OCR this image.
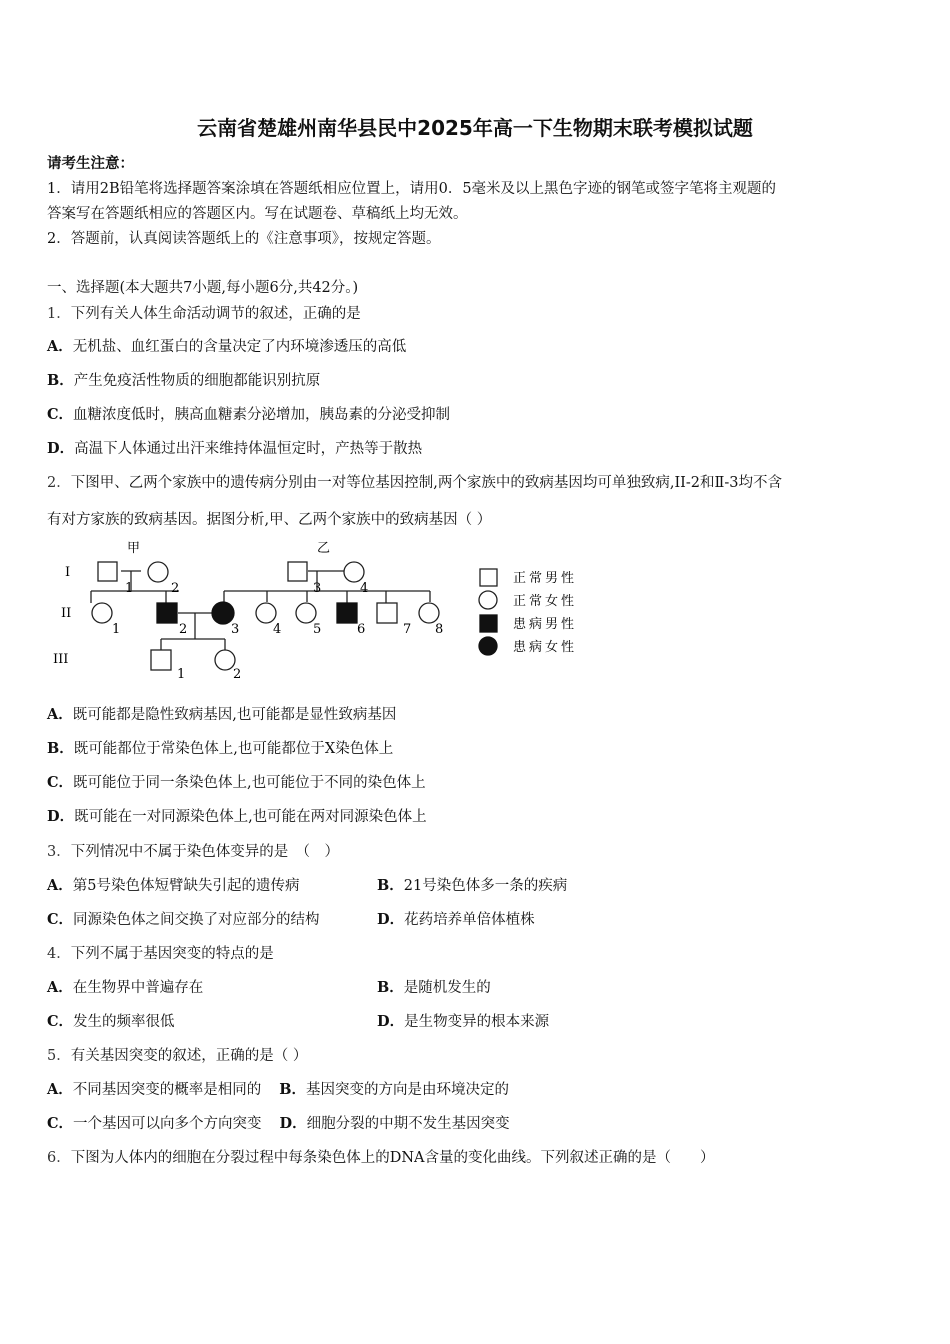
云南省楚雄州南华县民中2025年高一下生物期末联考模拟试题
请考生注意：
1．请用2B铅笔将选择题答案涂填在答题纸相应位置上，请用0．5毫米及以上黑色字迹的钢笔或签字笔将主观题的
答案写在答题纸相应的答题区内。写在试题卷、草稿纸上均无效。
2．答题前，认真阅读答题纸上的《注意事项》，按规定答题。
一、选择题(本大题共7小题,每小题6分,共42分。)
1．下列有关人体生命活动调节的叙述，正确的是
A．无机盐、血红蛋白的含量决定了内环境渗透压的高低
B．产生免疫活性物质的细胞都能识别抗原
C．血糖浓度低时，胰高血糖素分泌增加，胰岛素的分泌受抑制
D．高温下人体通过出汗来维持体温恒定时，产热等于散热
2．下图甲、乙两个家族中的遗传病分别由一对等位基因控制,两个家族中的致病基因均可单独致病,II-2和Ⅱ-3均不含
有对方家族的致病基因。据图分析,甲、乙两个家族中的致病基因（ ）
甲	乙
I
II
III
1	2	3	4
1	2	3	4 5	6	7 8
1	2
正常男性
正常女性
患病男性
患病女性
A．既可能都是隐性致病基因,也可能都是显性致病基因
B．既可能都位于常染色体上,也可能都位于X染色体上
C．既可能位于同一条染色体上,也可能位于不同的染色体上
D．既可能在一对同源染色体上,也可能在两对同源染色体上
3．下列情况中不属于染色体变异的是　（　）
A．第5号染色体短臂缺失引起的遗传病	B．21号染色体多一条的疾病
C．同源染色体之间交换了对应部分的结构	D．花药培养单倍体植株
4．下列不属于基因突变的特点的是
A．在生物界中普遍存在	B．是随机发生的
C．发生的频率很低	D．是生物变异的根本来源
5．有关基因突变的叙述，正确的是（ ）
A．不同基因突变的概率是相同的 B．基因突变的方向是由环境决定的
C．一个基因可以向多个方向突变 D．细胞分裂的中期不发生基因突变
6．下图为人体内的细胞在分裂过程中每条染色体上的DNA含量的变化曲线。下列叙述正确的是（　　）
